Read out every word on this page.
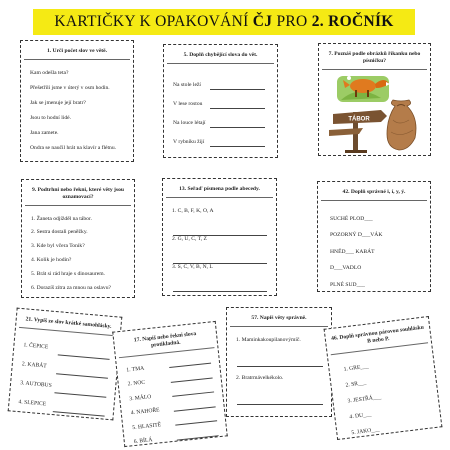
KARTIČKY K OPAKOVÁNÍ ČJ PRO 2. ROČNÍK
1. Urči počet slov ve větě.
Kam odešla teta?
Přešetřili jsme v úterý v osm hodin.
Jak se jmenuje její bratr?
Jsou to hodní lidé.
Jana zamete.
Ondra se naučil hrát na klavír a flétnu.
5. Doplň chybějící slova do vět.
Na stole leží
V lese rostou
Na louce létají
V rybníku žijí
7. Poznáš podle obrázků říkanku nebo písničku?
TÁBOR
9. Podtrhni nebo řekni, které věty jsou oznamovací?
1. Žaneta odjížděl na tábor.
2. Sestra dostali peněžky.
3. Kde byl včera Tonik?
4. Kolik je hodin?
5. Brát si rád hraje s dinosaurem.
6. Dorazíš zítra za mnou na oslavu?
13. Seřaď písmena podle abecedy.
1. C, B, F, K, O, A
2. G, U, C, T, Z
3. S, C, V, B, N, L
42. Doplň správné i, í, y, ý.
SUCHÉ PLOD___
POZORNÝ D___VÁK
HNĚD___ KABÁT
D___VADLO
PLNÉ SUD___
21. Vypiš ze slov krátké samohlásky.
1. ČEPICE
2. KABÁT
3. AUTOBUS
4. SLEPICE
17. Napiš nebo řekni slova protikladná.
1. TMA
2. NOC
3. MÁLO
4. NAHOŘE
5. HLASITĚ
6. BÍLÁ
57. Napiš věty správně.
1. Maminkakoupilanovýmíč.
2. Bratrmávelkékolo.
46. Doplň správnou párovou souhlásku B nebo P.
1. GRE___
2. SR___
3. JESTŘÁ___
4. DU___
5. JAKO___
